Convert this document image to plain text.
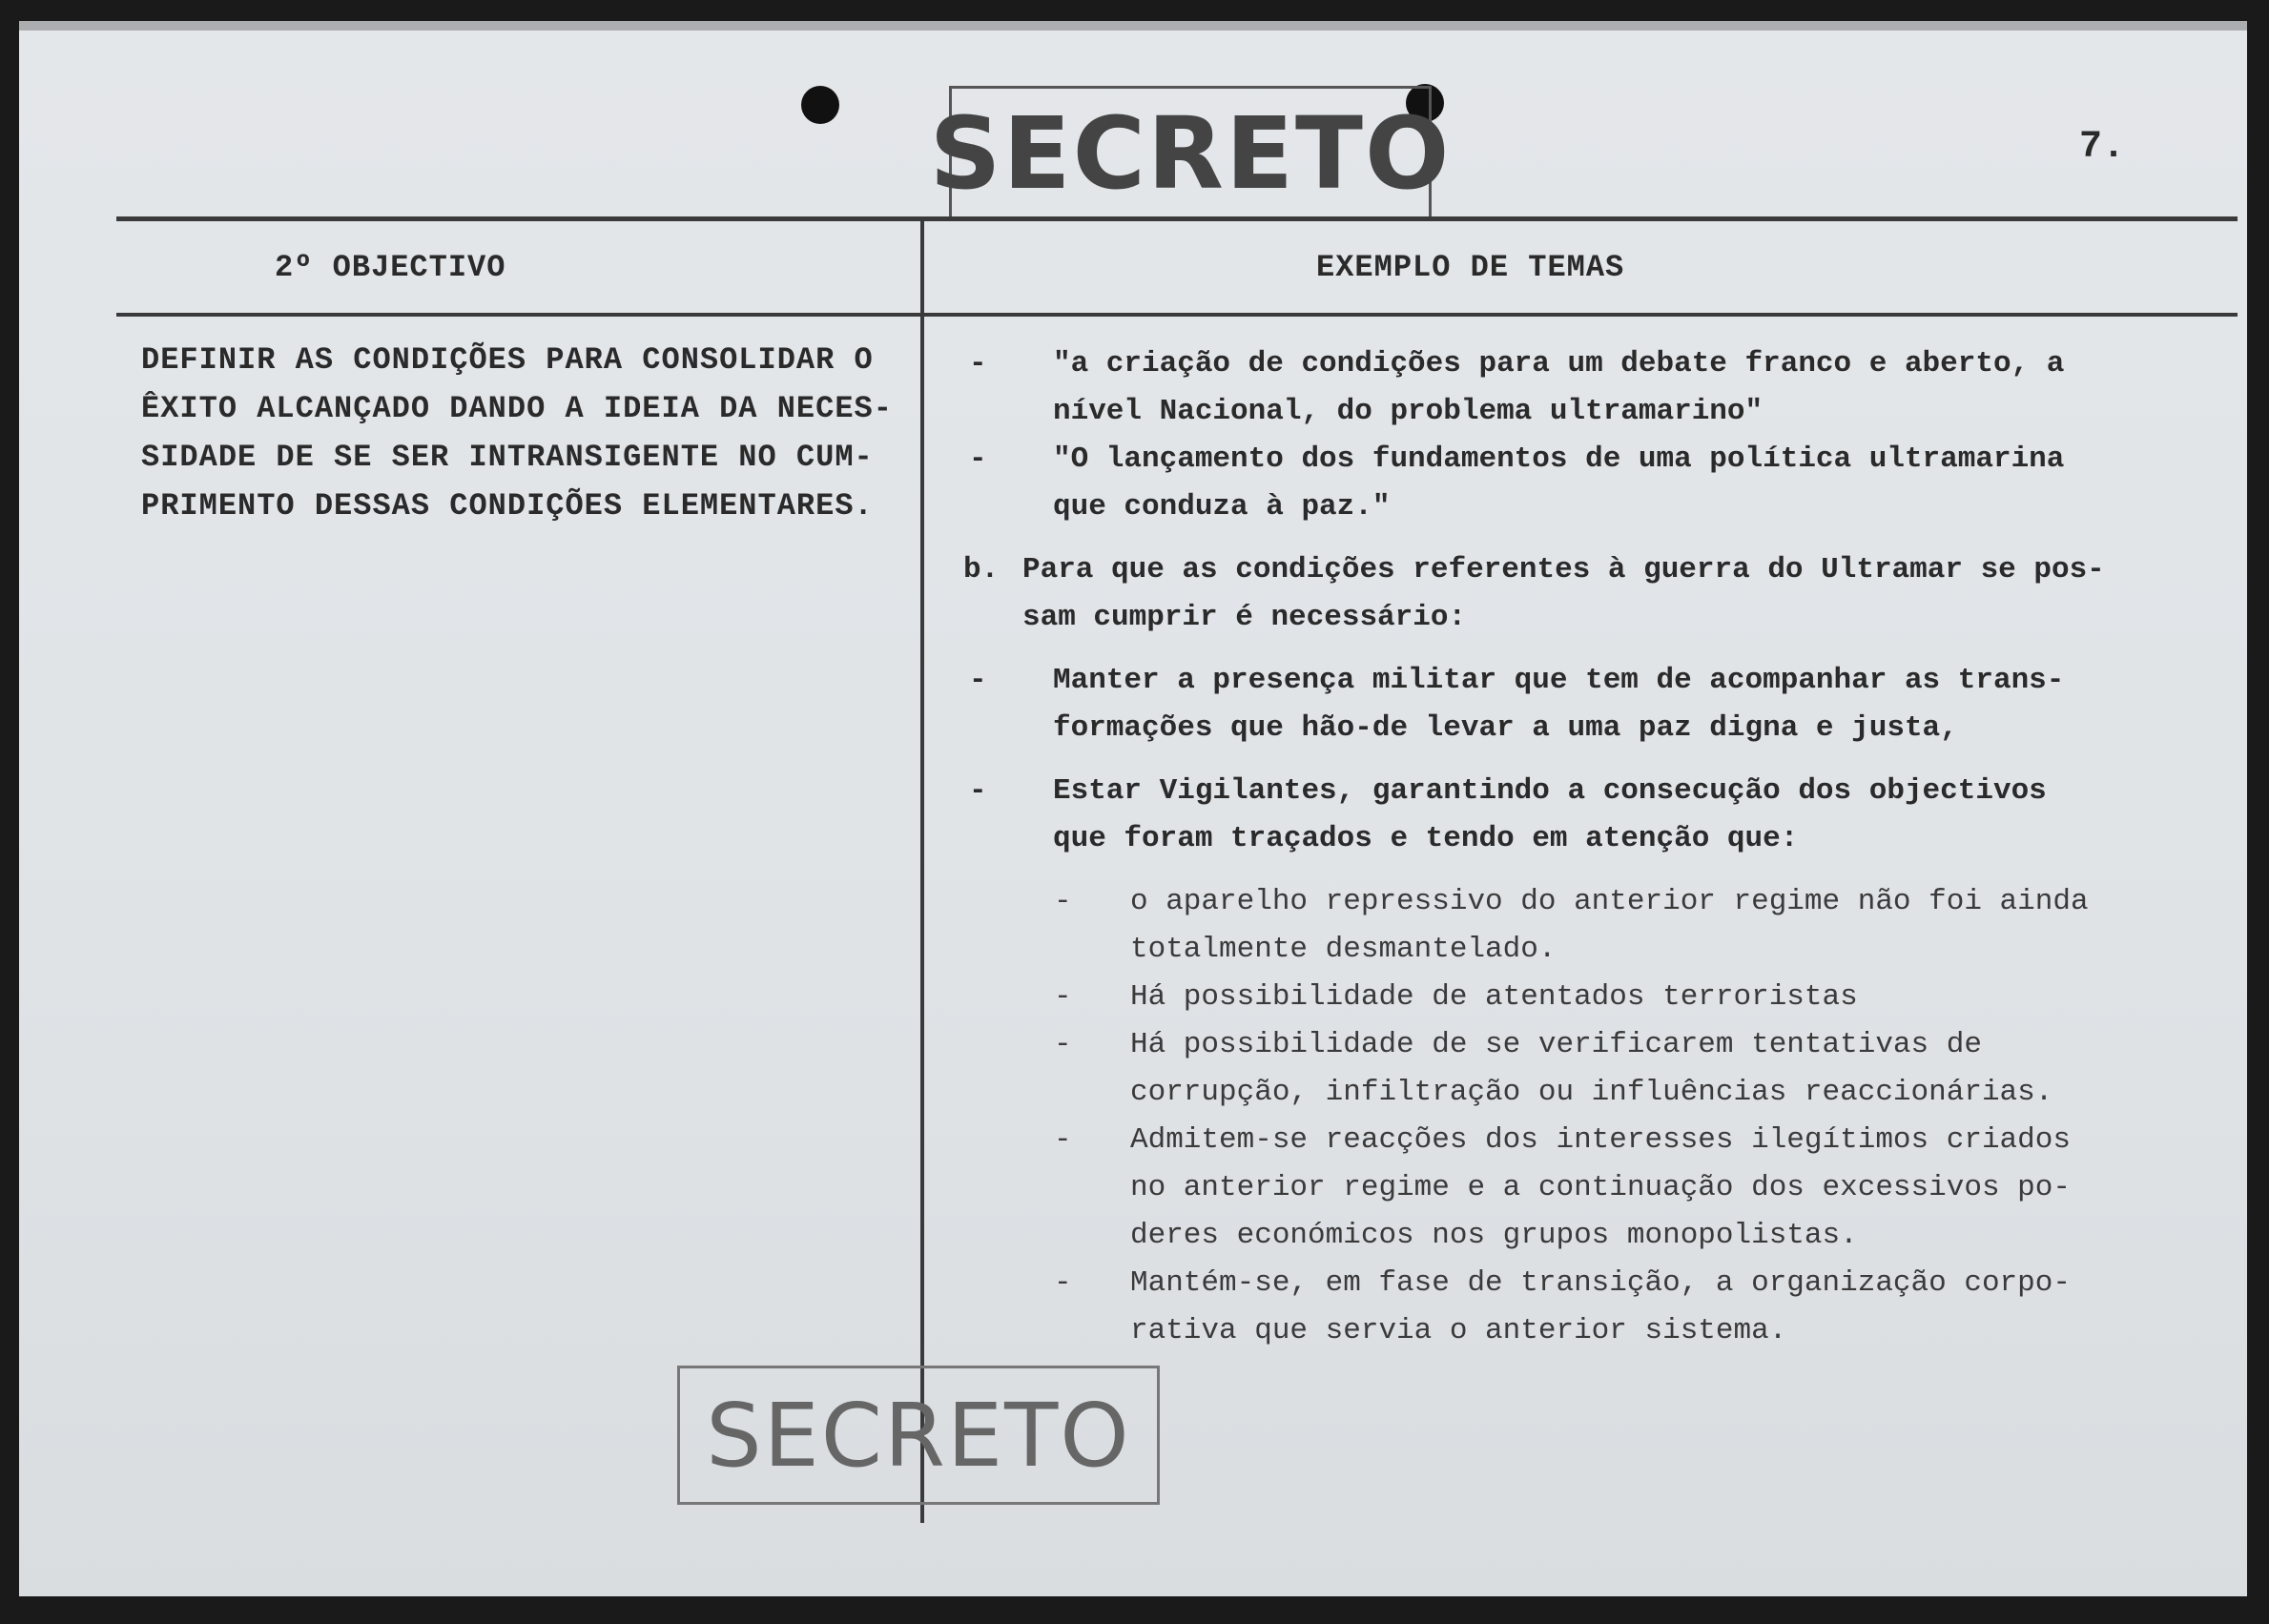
SECRETO	7.
2º OBJECTIVO	EXEMPLO DE TEMAS
DEFINIR AS CONDIÇÕES PARA CONSOLIDAR O
ÊXITO ALCANÇADO DANDO A IDEIA DA NECES-
SIDADE DE SE SER INTRANSIGENTE NO CUM-
PRIMENTO DESSAS CONDIÇÕES ELEMENTARES.
- "a criação de condições para um debate franco e aberto, a
nível Nacional, do problema ultramarino"
- "O lançamento dos fundamentos de uma política ultramarina
que conduza à paz."
b. Para que as condições referentes à guerra do Ultramar se pos-
sam cumprir é necessário:
- Manter a presença militar que tem de acompanhar as trans-
formações que hão-de levar a uma paz digna e justa,
- Estar Vigilantes, garantindo a consecução dos objectivos
que foram traçados e tendo em atenção que:
- o aparelho repressivo do anterior regime não foi ainda
totalmente desmantelado.
- Há possibilidade de atentados terroristas
- Há possibilidade de se verificarem tentativas de
corrupção, infiltração ou influências reaccionárias.
- Admitem-se reacções dos interesses ilegítimos criados
no anterior regime e a continuação dos excessivos po-
deres económicos nos grupos monopolistas.
- Mantém-se, em fase de transição, a organização corpo-
rativa que servia o anterior sistema.
SECRETO
